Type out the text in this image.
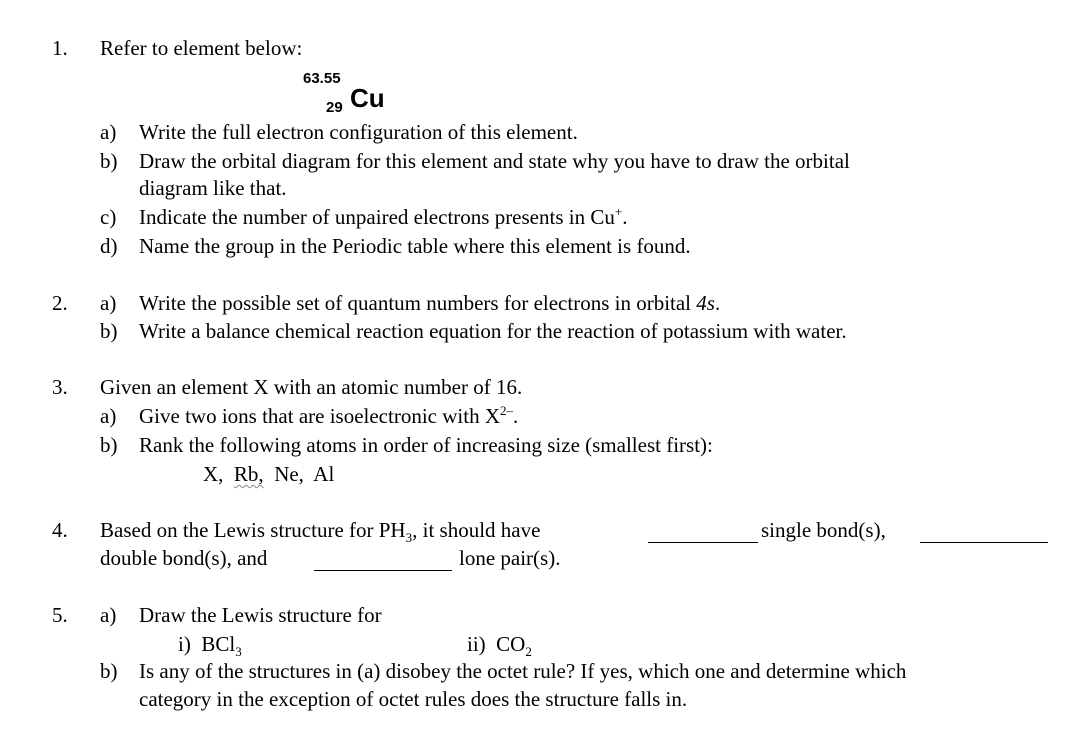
1. Refer to element below:
63.55
29 Cu
a) Write the full electron configuration of this element.
b) Draw the orbital diagram for this element and state why you have to draw the orbital
diagram like that.
c) Indicate the number of unpaired electrons presents in Cu+.
d) Name the group in the Periodic table where this element is found.
2. a) Write the possible set of quantum numbers for electrons in orbital 4s.
b) Write a balance chemical reaction equation for the reaction of potassium with water.
3. Given an element X with an atomic number of 16.
a) Give two ions that are isoelectronic with $X^{2-}$.
b) Rank the following atoms in order of increasing size (smallest first):
X, Rb, Ne, Al
4. Based on the Lewis structure for $PH_3$, it should have	single bond(s),
double bond(s), and	lone pair(s).
5. a) Draw the Lewis structure for
i) BCl$_3$	ii) $CO_2$
b) Is any of the structures in (a) disobey the octet rule? If yes, which one and determine which
category in the exception of octet rules does the structure falls in.
